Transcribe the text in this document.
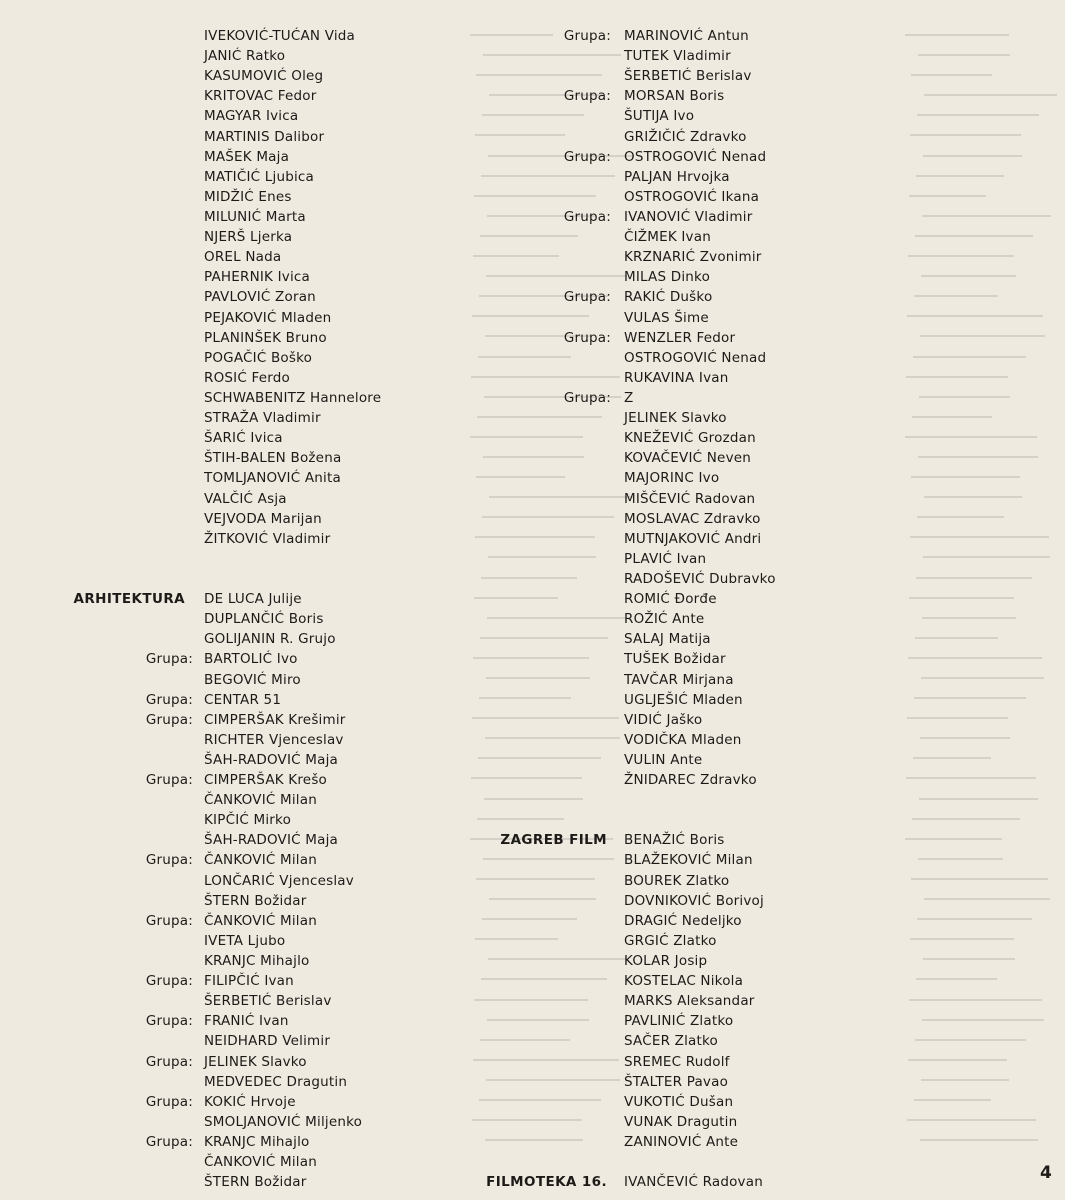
IVEKOVIĆ-TUĆAN Vida
JANIĆ Ratko
KASUMOVIĆ Oleg
KRITOVAC Fedor
MAGYAR Ivica
MARTINIS Dalibor
MAŠEK Maja
MATIČIĆ Ljubica
MIDŽIĆ Enes
MILUNIĆ Marta
NJERŠ Ljerka
OREL Nada
PAHERNIK Ivica
PAVLOVIĆ Zoran
PEJAKOVIĆ Mladen
PLANINŠEK Bruno
POGAČIĆ Boško
ROSIĆ Ferdo
SCHWABENITZ Hannelore
STRAŽA Vladimir
ŠARIĆ Ivica
ŠTIH-BALEN Božena
TOMLJANOVIĆ Anita
VALČIĆ Asja
VEJVODA Marijan
ŽITKOVIĆ Vladimir
ARHITEKTURA DE LUCA Julije
DUPLANČIĆ Boris
GOLIJANIN R. Grujo
Grupa: BARTOLIĆ Ivo
BEGOVIĆ Miro
Grupa: CENTAR 51
Grupa: CIMPERŠAK Krešimir
RICHTER Vjenceslav
ŠAH-RADOVIĆ Maja
Grupa: CIMPERŠAK Krešo
ČANKOVIĆ Milan
KIPČIĆ Mirko
ŠAH-RADOVIĆ Maja
Grupa: ČANKOVIĆ Milan
LONČARIĆ Vjenceslav
ŠTERN Božidar
Grupa: ČANKOVIĆ Milan
IVETA Ljubo
KRANJC Mihajlo
Grupa: FILIPČIĆ Ivan
ŠERBETIĆ Berislav
Grupa: FRANIĆ Ivan
NEIDHARD Velimir
Grupa: JELINEK Slavko
MEDVEDEC Dragutin
Grupa: KOKIĆ Hrvoje
SMOLJANOVIĆ Miljenko
Grupa: KRANJC Mihajlo
ČANKOVIĆ Milan
ŠTERN Božidar
Grupa: MARINOVIĆ Antun
TUTEK Vladimir
ŠERBETIĆ Berislav
Grupa: MORSAN Boris
ŠUTIJA Ivo
GRIŽIČIĆ Zdravko
Grupa: OSTROGOVIĆ Nenad
PALJAN Hrvojka
OSTROGOVIĆ Ikana
Grupa: IVANOVIĆ Vladimir
ČIŽMEK Ivan
KRZNARIĆ Zvonimir
MILAS Dinko
Grupa: RAKIĆ Duško
VULAS Šime
Grupa: WENZLER Fedor
OSTROGOVIĆ Nenad
RUKAVINA Ivan
Grupa: Z
JELINEK Slavko
KNEŽEVIĆ Grozdan
KOVAČEVIĆ Neven
MAJORINC Ivo
MIŠČEVIĆ Radovan
MOSLAVAC Zdravko
MUTNJAKOVIĆ Andri
PLAVIĆ Ivan
RADOŠEVIĆ Dubravko
ROMIĆ Đorđe
ROŽIĆ Ante
SALAJ Matija
TUŠEK Božidar
TAVČAR Mirjana
UGLJEŠIĆ Mladen
VIDIĆ Jaško
VODIČKA Mladen
VULIN Ante
ŽNIDAREC Zdravko
ZAGREB FILM BENAŽIĆ Boris
BLAŽEKOVIĆ Milan
BOUREK Zlatko
DOVNIKOVIĆ Borivoj
DRAGIĆ Nedeljko
GRGIĆ Zlatko
KOLAR Josip
KOSTELAC Nikola
MARKS Aleksandar
PAVLINIĆ Zlatko
SAČER Zlatko
SREMEC Rudolf
ŠTALTER Pavao
VUKOTIĆ Dušan
VUNAK Dragutin
ZANINOVIĆ Ante
FILMOTEKA 16. IVANČEVIĆ Radovan	4
